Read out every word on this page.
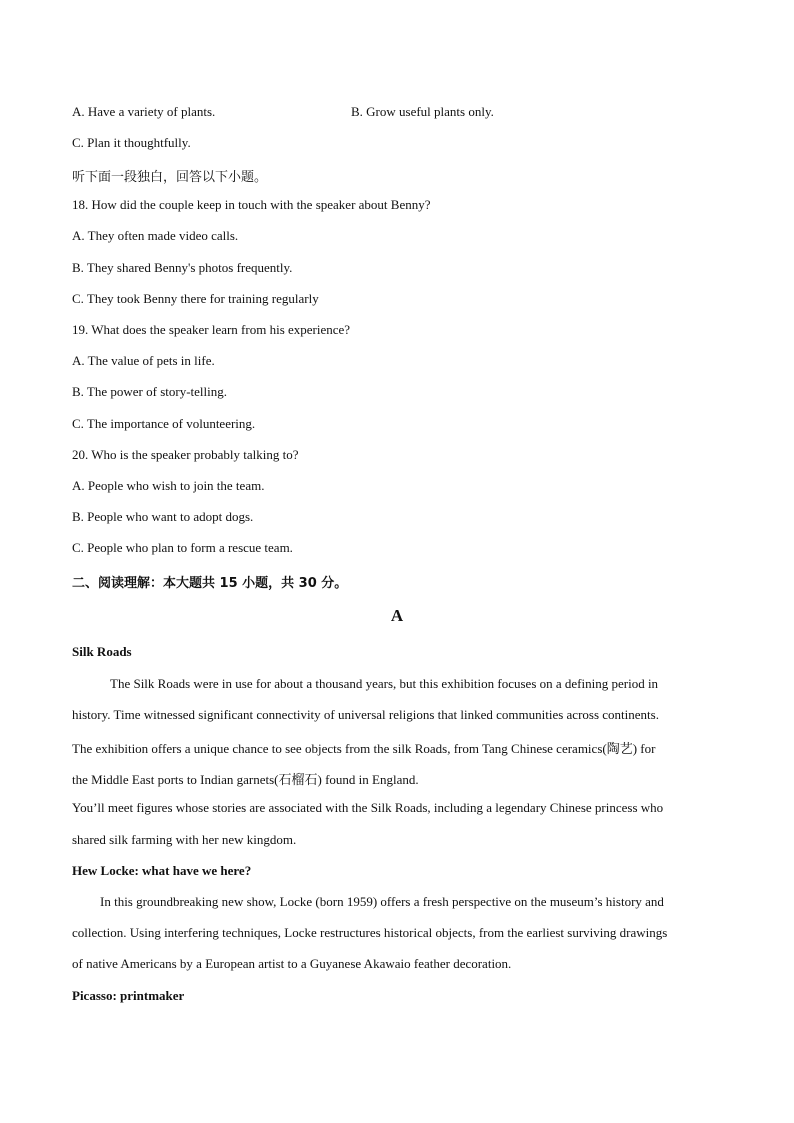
A. Have a variety of plants.	B. Grow useful plants only.
C. Plan it thoughtfully.
听下面一段独白，回答以下小题。
18. How did the couple keep in touch with the speaker about Benny?
A. They often made video calls.
B. They shared Benny's photos frequently.
C. They took Benny there for training regularly
19. What does the speaker learn from his experience?
A. The value of pets in life.
B. The power of story-telling.
C. The importance of volunteering.
20. Who is the speaker probably talking to?
A. People who wish to join the team.
B. People who want to adopt dogs.
C. People who plan to form a rescue team.
二、阅读理解：本大题共 15 小题，共 30 分。
A
Silk Roads
The Silk Roads were in use for about a thousand years, but this exhibition focuses on a defining period in
history. Time witnessed significant connectivity of universal religions that linked communities across continents.
The exhibition offers a unique chance to see objects from the silk Roads, from Tang Chinese ceramics(陶艺) for
the Middle East ports to Indian garnets(石榴石) found in England.
You’ll meet figures whose stories are associated with the Silk Roads, including a legendary Chinese princess who
shared silk farming with her new kingdom.
Hew Locke: what have we here?
In this groundbreaking new show, Locke (born 1959) offers a fresh perspective on the museum’s history and
collection. Using interfering techniques, Locke restructures historical objects, from the earliest surviving drawings
of native Americans by a European artist to a Guyanese Akawaio feather decoration.
Picasso: printmaker
